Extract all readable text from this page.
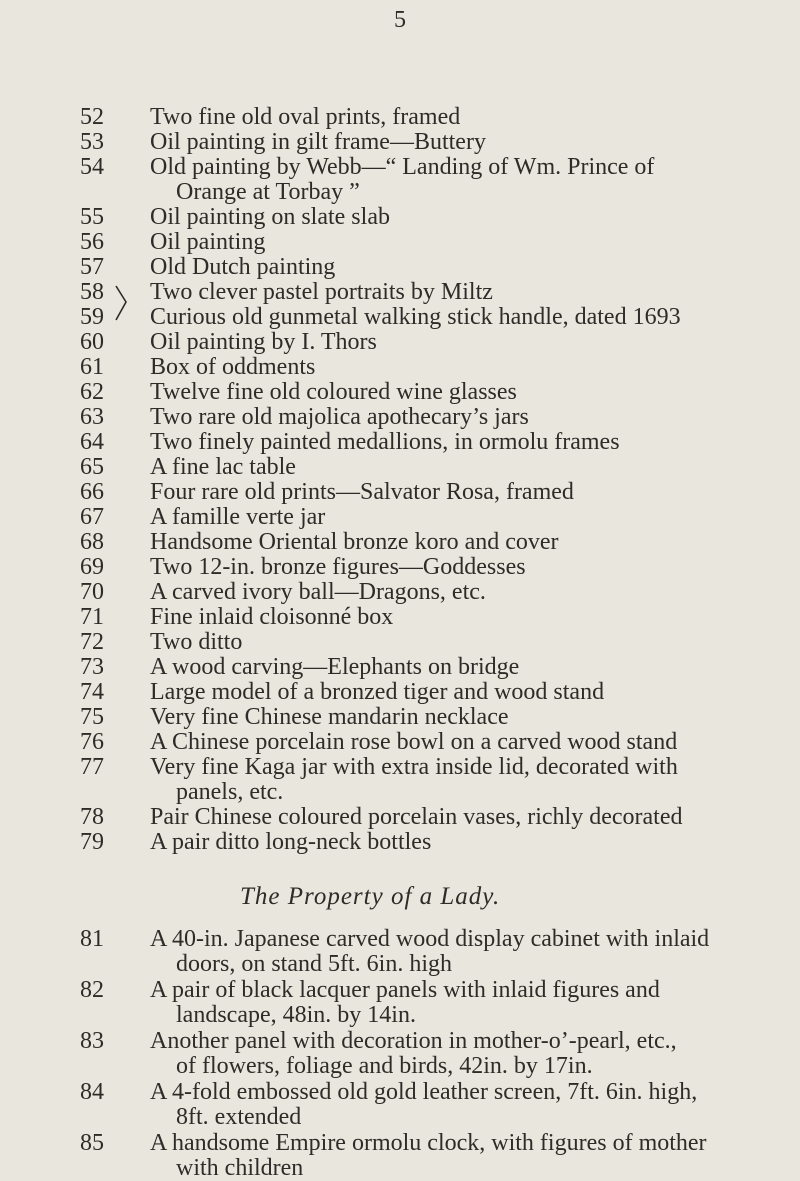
5
52 Two fine old oval prints, framed
53 Oil painting in gilt frame—Buttery
54 Old painting by Webb—“ Landing of Wm. Prince of
Orange at Torbay ”
55 Oil painting on slate slab
56 Oil painting
57 Old Dutch painting
58 Two clever pastel portraits by Miltz
59 Curious old gunmetal walking stick handle, dated 1693
60 Oil painting by I. Thors
61 Box of oddments
62 Twelve fine old coloured wine glasses
63 Two rare old majolica apothecary’s jars
64 Two finely painted medallions, in ormolu frames
65 A fine lac table
66 Four rare old prints—Salvator Rosa, framed
67 A famille verte jar
68 Handsome Oriental bronze koro and cover
69 Two 12-in. bronze figures—Goddesses
70 A carved ivory ball—Dragons, etc.
71 Fine inlaid cloisonné box
72 Two ditto
73 A wood carving—Elephants on bridge
74 Large model of a bronzed tiger and wood stand
75 Very fine Chinese mandarin necklace
76 A Chinese porcelain rose bowl on a carved wood stand
77 Very fine Kaga jar with extra inside lid, decorated with
panels, etc.
78 Pair Chinese coloured porcelain vases, richly decorated
79 A pair ditto long-neck bottles
The Property of a Lady.
81 A 40-in. Japanese carved wood display cabinet with inlaid
doors, on stand 5ft. 6in. high
82 A pair of black lacquer panels with inlaid figures and
landscape, 48in. by 14in.
83 Another panel with decoration in mother-o’-pearl, etc.,
of flowers, foliage and birds, 42in. by 17in.
84 A 4-fold embossed old gold leather screen, 7ft. 6in. high,
8ft. extended
85 A handsome Empire ormolu clock, with figures of mother
with children
